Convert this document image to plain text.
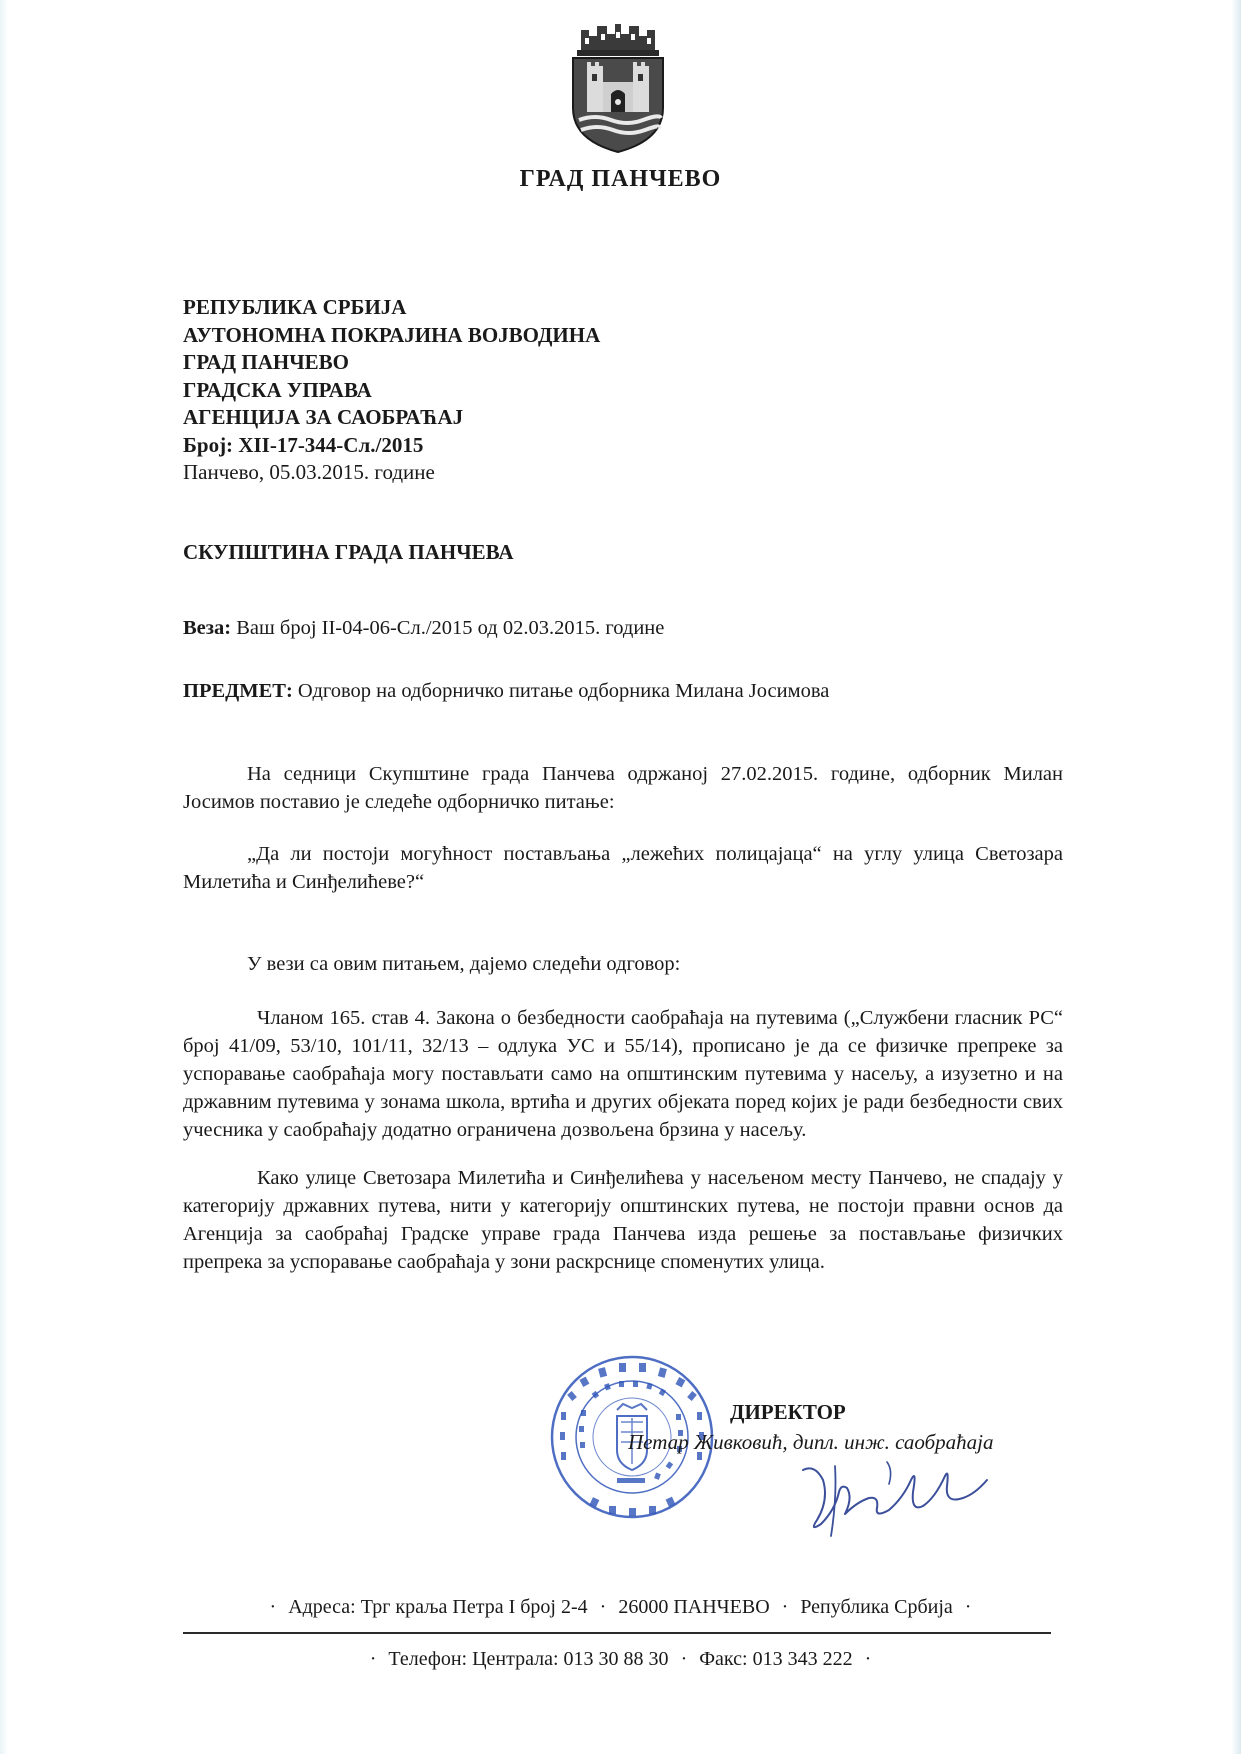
ГРАД ПАНЧЕВО
РЕПУБЛИКА СРБИЈА
АУТОНОМНА ПОКРАЈИНА ВОЈВОДИНА
ГРАД ПАНЧЕВО
ГРАДСКА УПРАВА
АГЕНЦИЈА ЗА САОБРАЋАЈ
Број: XII-17-344-Сл./2015
Панчево, 05.03.2015. године
СКУПШТИНА ГРАДА ПАНЧЕВА
Веза: Ваш број II-04-06-Сл./2015 од 02.03.2015. године
ПРЕДМЕТ: Одговор на одборничко питање одборника Милана Јосимова
На седници Скупштине града Панчева одржаној 27.02.2015. године, одборник Милан Јосимов поставио је следеће одборничко питање:
„Да ли постоји могућност постављања „лежећих полицајаца“ на углу улица Светозара Милетића и Синђелићеве?“
У вези са овим питањем, дајемо следећи одговор:
Чланом 165. став 4. Закона о безбедности саобраћаја на путевима („Службени гласник РС“ број 41/09, 53/10, 101/11, 32/13 – одлука УС и 55/14), прописано је да се физичке препреке за успоравање саобраћаја могу постављати само на општинским путевима у насељу, а изузетно и на државним путевима у зонама школа, вртића и других објеката поред којих је ради безбедности свих учесника у саобраћају додатно ограничена дозвољена брзина у насељу.
Како улице Светозара Милетића и Синђелићева у насељеном месту Панчево, не спадају у категорију државних путева, нити у категорију општинских путева, не постоји правни основ да Агенција за саобраћај Градске управе града Панчева изда решење за постављање физичких препрека за успоравање саобраћаја у зони раскрснице споменутих улица.
ДИРЕКТОР
Петар Живковић, дипл. инж. саобраћаја
· Адреса: Трг краља Петра I број 2-4 · 26000 ПАНЧЕВО · Република Србија ·
· Телефон: Централа: 013 30 88 30 · Факс: 013 343 222 ·
